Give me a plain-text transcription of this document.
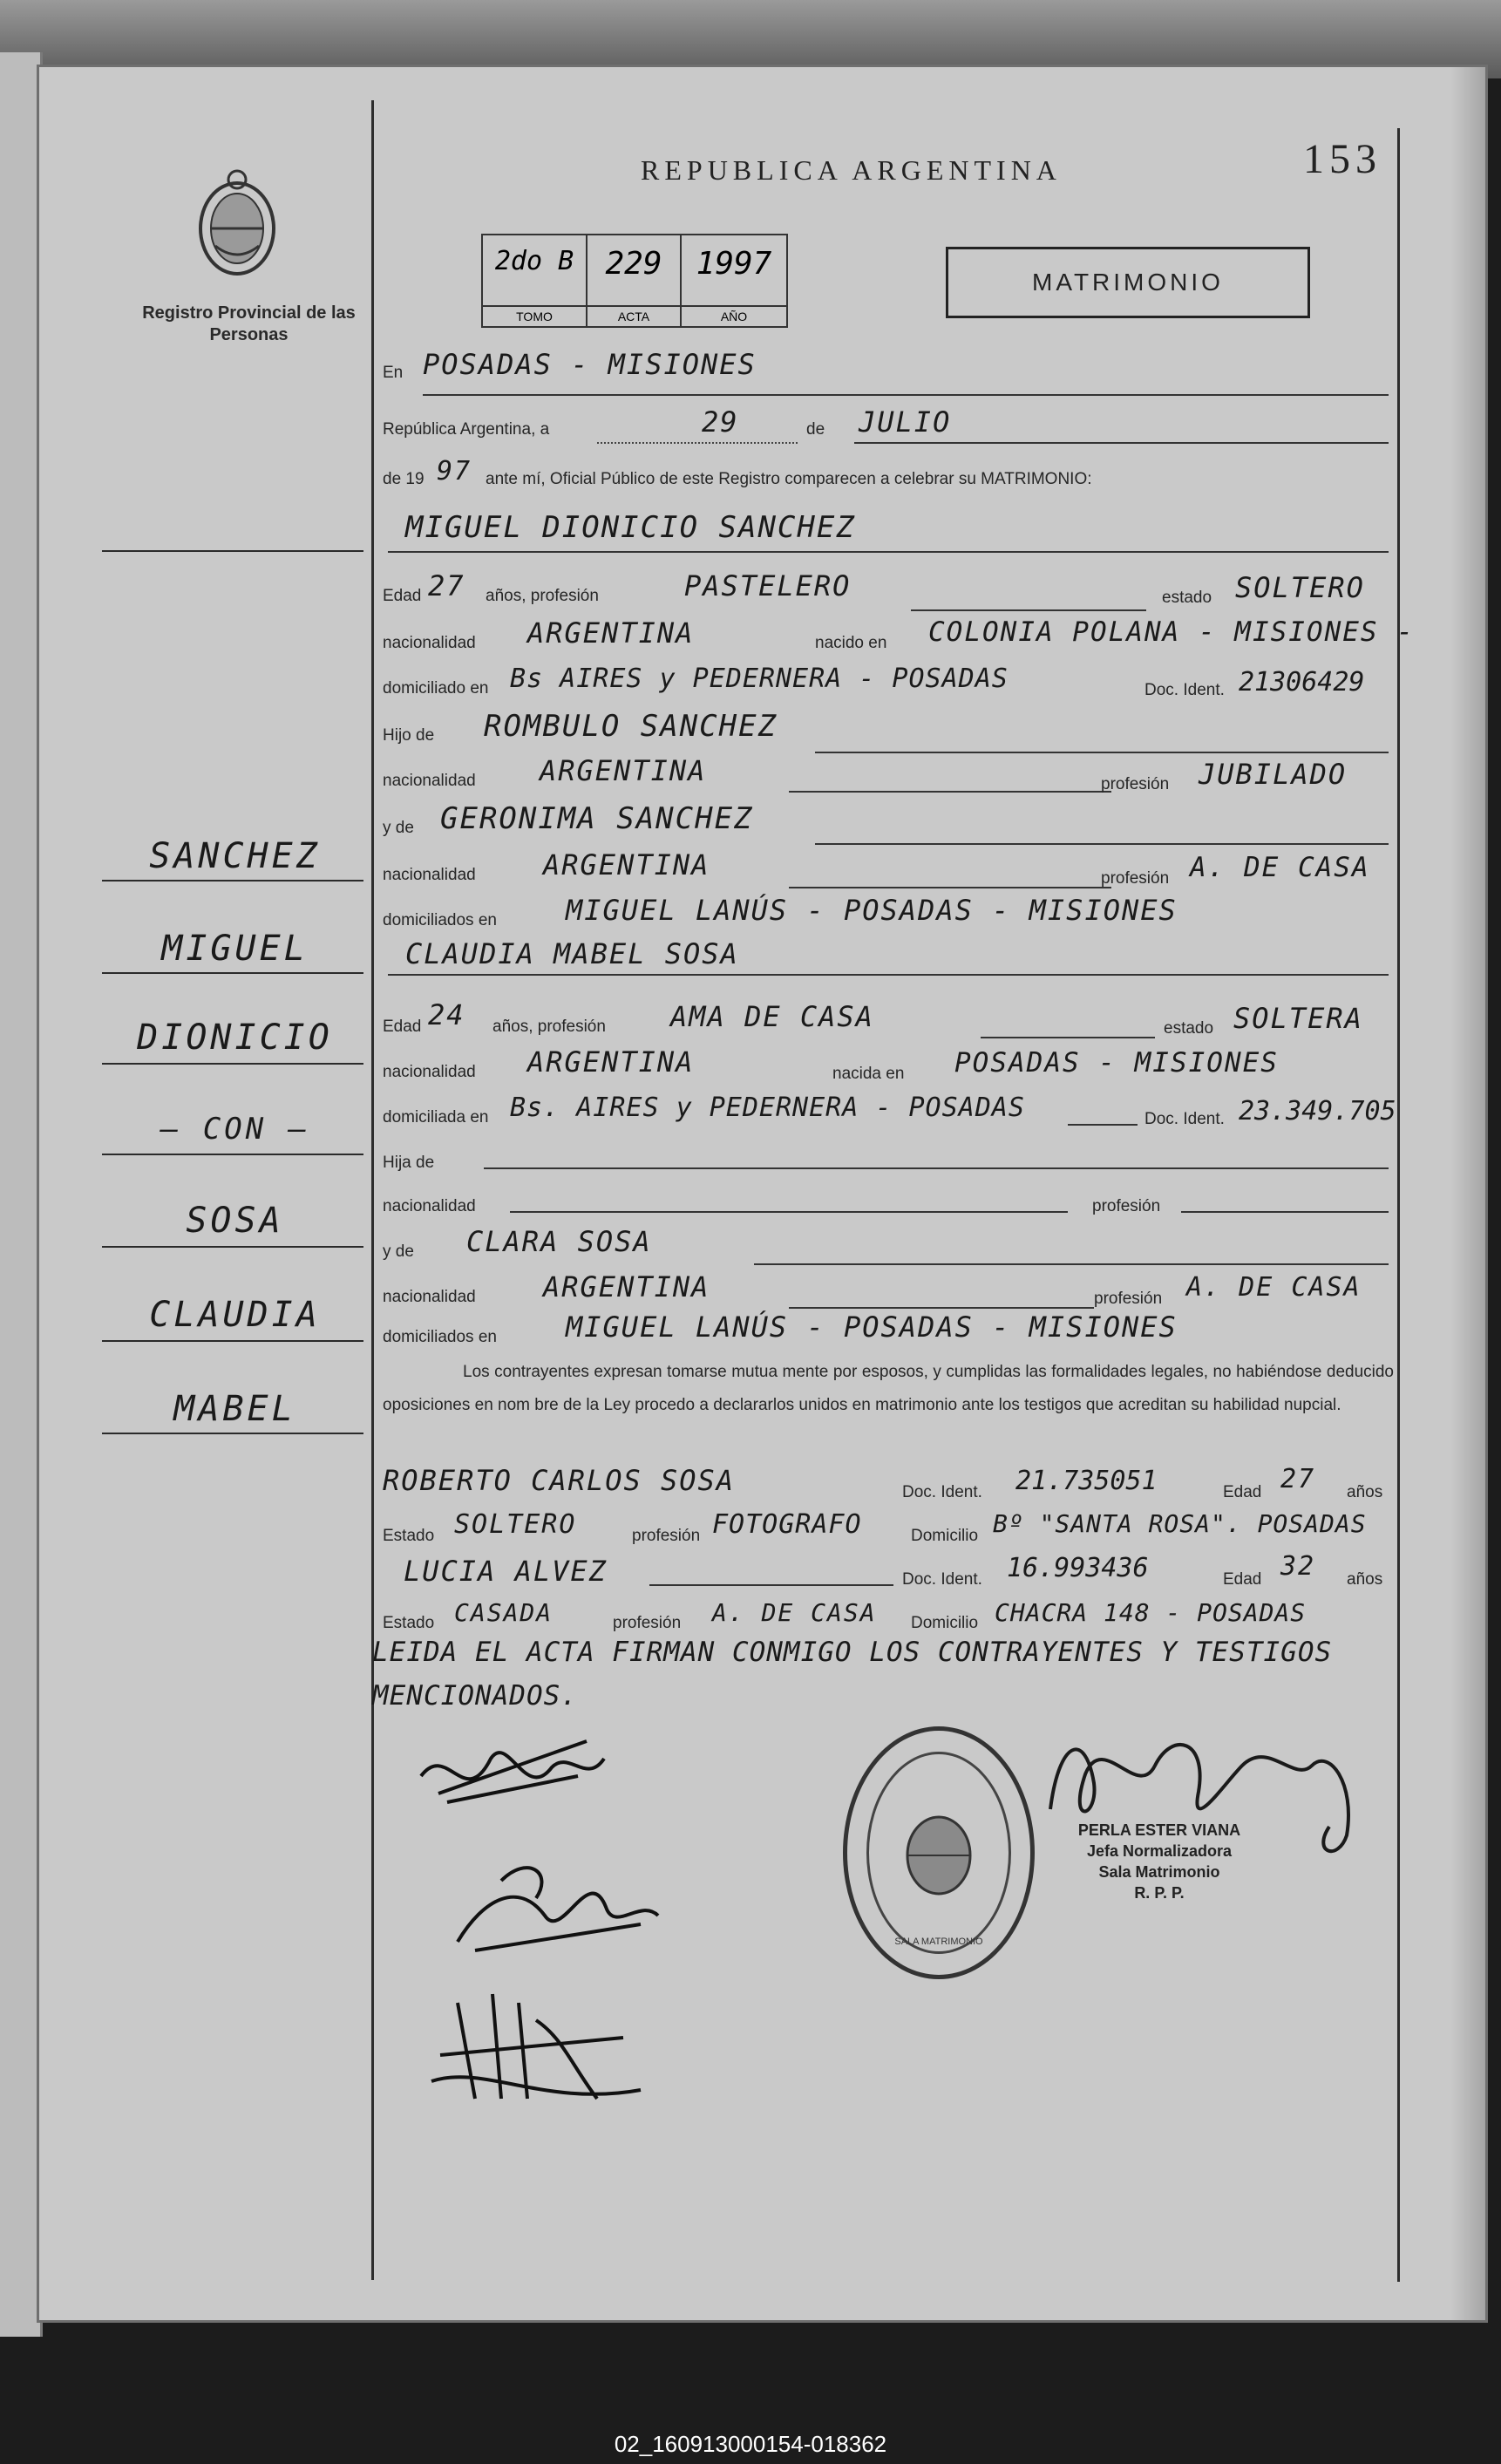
Registro Provincial de las Personas
REPUBLICA ARGENTINA	153
2do B
TOMO
229
ACTA
1997
AÑO
MATRIMONIO
En POSADAS - MISIONES
República Argentina, a	29	de JULIO
de 19 97 ante mí, Oficial Público de este Registro comparecen a celebrar su MATRIMONIO:
MIGUEL DIONICIO SANCHEZ
Edad 27 años, profesión	PASTELERO	estado SOLTERO
nacionalidad ARGENTINA	nacido en COLONIA POLANA - MISIONES -
domiciliado en Bs AIRES y PEDERNERA - POSADAS	Doc. Ident. 21306429
Hijo de ROMBULO SANCHEZ
nacionalidad ARGENTINA	profesión JUBILADO
y de GERONIMA SANCHEZ
nacionalidad ARGENTINA	profesión A. DE CASA
domiciliados en MIGUEL LANÚS - POSADAS - MISIONES
CLAUDIA MABEL SOSA
Edad 24 años, profesión AMA DE CASA	estado SOLTERA
nacionalidad ARGENTINA	nacida en POSADAS - MISIONES
domiciliada en Bs. AIRES y PEDERNERA - POSADAS	Doc. Ident. 23.349.705
Hija de
nacionalidad	profesión
y de CLARA SOSA
nacionalidad ARGENTINA	profesión A. DE CASA
domiciliados en MIGUEL LANÚS - POSADAS - MISIONES
Los contrayentes expresan tomarse mutua mente por esposos, y cumplidas las formalidades legales, no habiéndose deducido oposiciones en nom bre de la Ley procedo a declararlos unidos en matrimonio ante los testigos que acreditan su habilidad nupcial.
ROBERTO CARLOS SOSA	Doc. Ident. 21.735051	Edad 27 años
Estado SOLTERO	profesión FOTOGRAFO	Domicilio Bº "SANTA ROSA". POSADAS
LUCIA ALVEZ	Doc. Ident. 16.993436	Edad 32 años
Estado CASADA	profesión A. DE CASA Domicilio CHACRA 148 - POSADAS
LEIDA EL ACTA FIRMAN CONMIGO LOS CONTRAYENTES Y TESTIGOS
MENCIONADOS.
SANCHEZ
MIGUEL
DIONICIO
— CON —
SOSA
CLAUDIA
MABEL
SALA MATRIMONIO
PERLA ESTER VIANA
Jefa Normalizadora
Sala Matrimonio
R. P. P.
02_160913000154-018362
